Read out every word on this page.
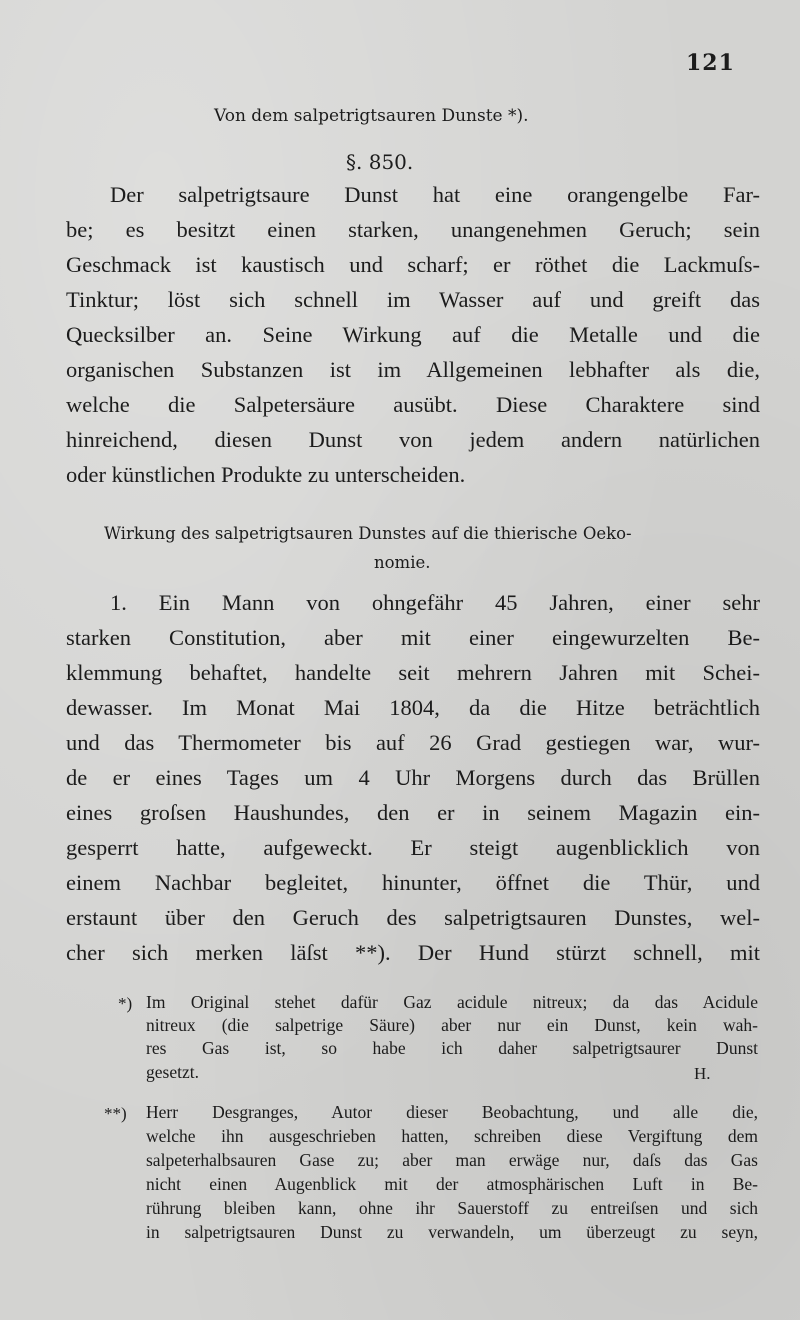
121
Von dem salpetrigtsauren Dunste *).
§. 850.
Der salpetrigtsaure Dunst hat eine orangengelbe Far-
be; es besitzt einen starken, unangenehmen Geruch; sein
Geschmack ist kaustisch und scharf; er röthet die Lackmuſs-
Tinktur; löst sich schnell im Wasser auf und greift das
Quecksilber an. Seine Wirkung auf die Metalle und die
organischen Substanzen ist im Allgemeinen lebhafter als die,
welche die Salpetersäure ausübt. Diese Charaktere sind
hinreichend, diesen Dunst von jedem andern natürlichen
oder künstlichen Produkte zu unterscheiden.
Wirkung des salpetrigtsauren Dunstes auf die thierische Oeko-
nomie.
1. Ein Mann von ohngefähr 45 Jahren, einer sehr
starken Constitution, aber mit einer eingewurzelten Be-
klemmung behaftet, handelte seit mehrern Jahren mit Schei-
dewasser. Im Monat Mai 1804, da die Hitze beträchtlich
und das Thermometer bis auf 26 Grad gestiegen war, wur-
de er eines Tages um 4 Uhr Morgens durch das Brüllen
eines groſsen Haushundes, den er in seinem Magazin ein-
gesperrt hatte, aufgeweckt. Er steigt augenblicklich von
einem Nachbar begleitet, hinunter, öffnet die Thür, und
erstaunt über den Geruch des salpetrigtsauren Dunstes, wel-
cher sich merken läſst **). Der Hund stürzt schnell, mit
*) Im Original stehet dafür Gaz acidule nitreux; da das Acidule
nitreux (die salpetrige Säure) aber nur ein Dunst, kein wah-
res Gas ist, so habe ich daher salpetrigtsaurer Dunst
gesetzt.	H.
**) Herr Desgranges, Autor dieser Beobachtung, und alle die,
welche ihn ausgeschrieben hatten, schreiben diese Vergiftung dem
salpeterhalbsauren Gase zu; aber man erwäge nur, daſs das Gas
nicht einen Augenblick mit der atmosphärischen Luft in Be-
rührung bleiben kann, ohne ihr Sauerstoff zu entreiſsen und sich
in salpetrigtsauren Dunst zu verwandeln, um überzeugt zu seyn,
